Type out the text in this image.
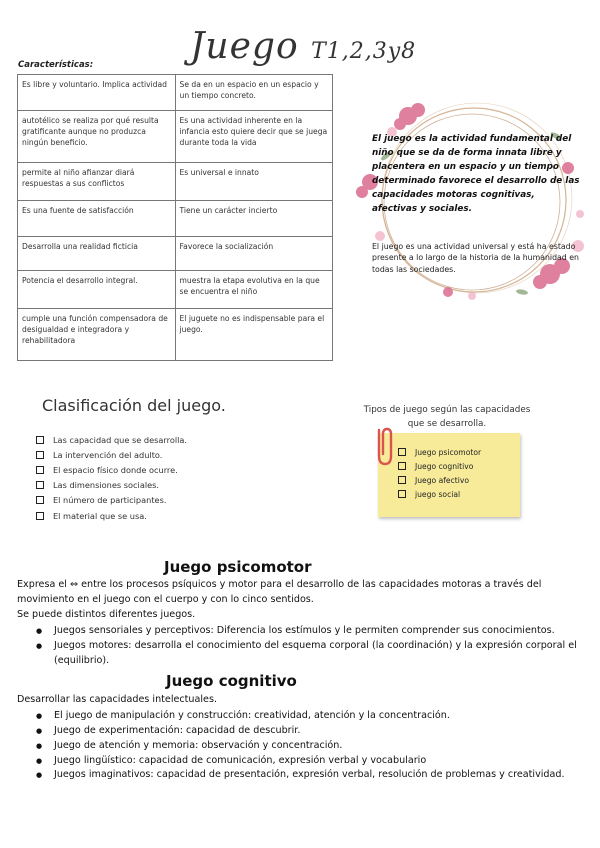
Juego T1,2,3y8
Características:
Es libre y voluntario. Implica actividad	Se da en un espacio en un espacio y un tiempo concreto.
autotélico se realiza por qué resulta gratificante aunque no produzca ningún beneficio.	Es una actividad inherente en la infancia esto quiere decir que se juega durante toda la vida
permite al niño afianzar diará respuestas a sus conflictos	Es universal e innato
Es una fuente de satisfacción	Tiene un carácter incierto
Desarrolla una realidad ficticia	Favorece la socialización
Potencia el desarrollo integral.	muestra la etapa evolutiva en la que se encuentra el niño
cumple una función compensadora de desigualdad e integradora y rehabilitadora	El juguete no es indispensable para el juego.
El juego es la actividad fundamental del niño que se da de forma innata libre y placentera en un espacio y un tiempo determinado favorece el desarrollo de las capacidades motoras cognitivas, afectivas y sociales.
El juego es una actividad universal y está ha estado presente a lo largo de la historia de la humanidad en todas las sociedades.
Clasificación del juego.
Las capacidad que se desarrolla.
La intervención del adulto.
El espacio físico donde ocurre.
Las dimensiones sociales.
El número de participantes.
El material que se usa.
Tipos de juego según las capacidades que se desarrolla.
Juego psicomotor
Juego cognitivo
Juego afectivo
juego social
Juego psicomotor
Expresa el ⇔ entre los procesos psíquicos y motor para el desarrollo de las capacidades motoras a través del movimiento en el juego con el cuerpo y con lo cinco sentidos.
Se puede distintos diferentes juegos.
● Juegos sensoriales y perceptivos: Diferencia los estímulos y le permiten comprender sus conocimientos.
● Juegos motores: desarrolla el conocimiento del esquema corporal (la coordinación) y la expresión corporal el (equilibrio).
Juego cognitivo
Desarrollar las capacidades intelectuales.
● El juego de manipulación y construcción: creatividad, atención y la concentración.
● Juego de experimentación: capacidad de descubrir.
● Juego de atención y memoria: observación y concentración.
● Juego lingüístico: capacidad de comunicación, expresión verbal y vocabulario
● Juegos imaginativos: capacidad de presentación, expresión verbal, resolución de problemas y creatividad.
